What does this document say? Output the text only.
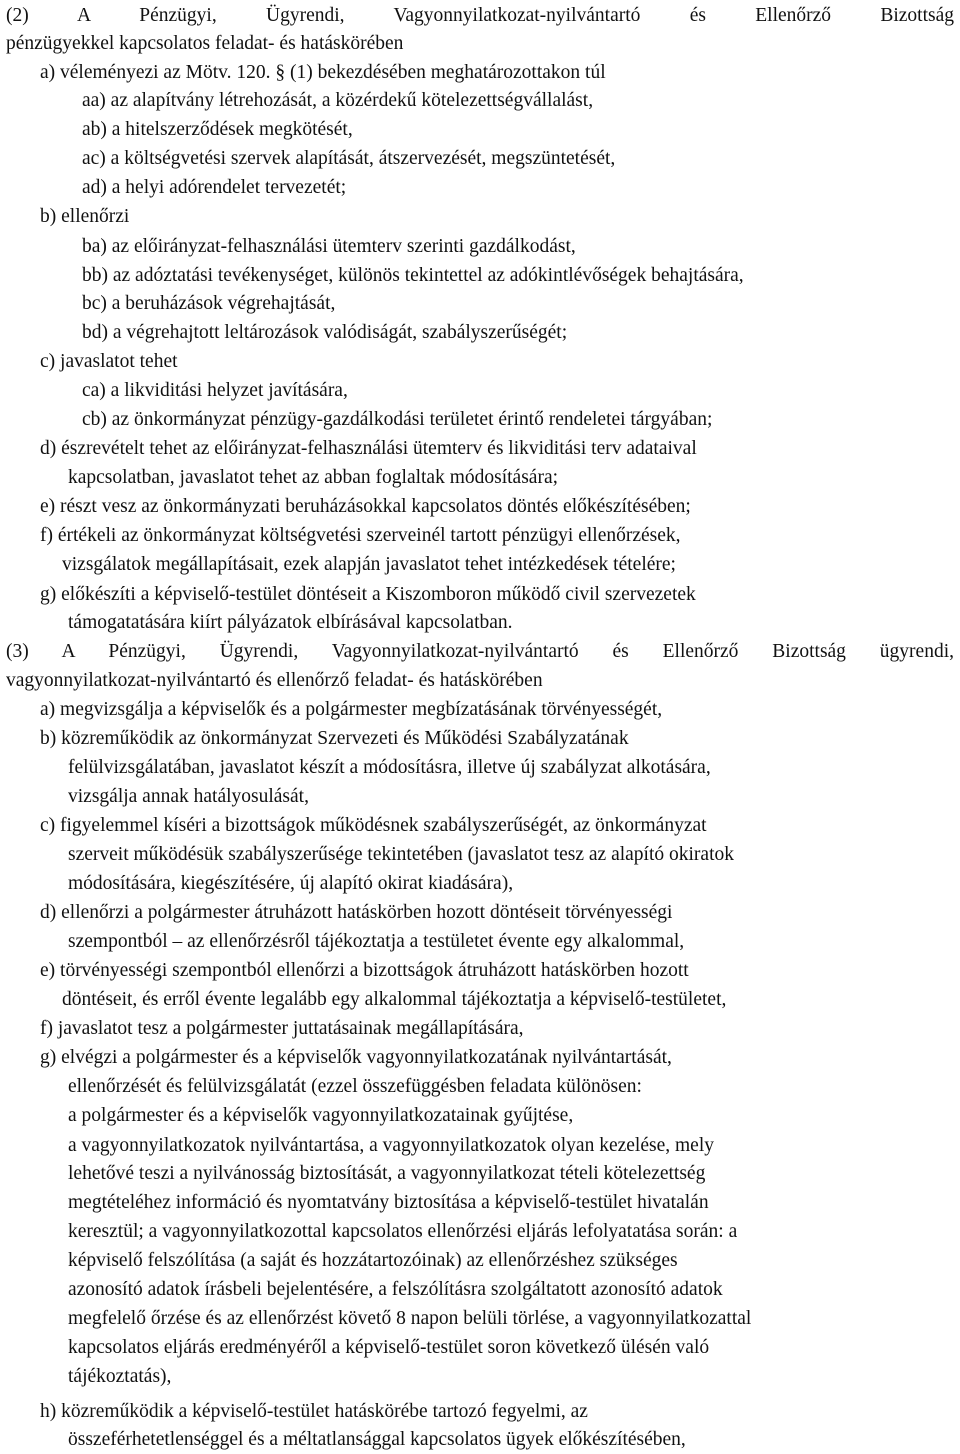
(2) A Pénzügyi, Ügyrendi, Vagyonnyilatkozat-nyilvántartó és Ellenőrző Bizottság
pénzügyekkel kapcsolatos feladat- és hatáskörében
a) véleményezi az Mötv. 120. § (1) bekezdésében meghatározottakon túl
aa) az alapítvány létrehozását, a közérdekű kötelezettségvállalást,
ab) a hitelszerződések megkötését,
ac) a költségvetési szervek alapítását, átszervezését, megszüntetését,
ad) a helyi adórendelet tervezetét;
b) ellenőrzi
ba) az előirányzat-felhasználási ütemterv szerinti gazdálkodást,
bb) az adóztatási tevékenységet, különös tekintettel az adókintlévőségek behajtására,
bc) a beruházások végrehajtását,
bd) a végrehajtott leltározások valódiságát, szabályszerűségét;
c) javaslatot tehet
ca) a likviditási helyzet javítására,
cb) az önkormányzat pénzügy-gazdálkodási területet érintő rendeletei tárgyában;
d) észrevételt tehet az előirányzat-felhasználási ütemterv és likviditási terv adataival
kapcsolatban, javaslatot tehet az abban foglaltak módosítására;
e) részt vesz az önkormányzati beruházásokkal kapcsolatos döntés előkészítésében;
f) értékeli az önkormányzat költségvetési szerveinél tartott pénzügyi ellenőrzések,
vizsgálatok megállapításait, ezek alapján javaslatot tehet intézkedések tételére;
g) előkészíti a képviselő-testület döntéseit a Kiszomboron működő civil szervezetek
támogatatására kiírt pályázatok elbírásával kapcsolatban.
(3) A Pénzügyi, Ügyrendi, Vagyonnyilatkozat-nyilvántartó és Ellenőrző Bizottság ügyrendi,
vagyonnyilatkozat-nyilvántartó és ellenőrző feladat- és hatáskörében
a) megvizsgálja a képviselők és a polgármester megbízatásának törvényességét,
b) közreműködik az önkormányzat Szervezeti és Működési Szabályzatának
felülvizsgálatában, javaslatot készít a módosításra, illetve új szabályzat alkotására,
vizsgálja annak hatályosulását,
c) figyelemmel kíséri a bizottságok működésnek szabályszerűségét, az önkormányzat
szerveit működésük szabályszerűsége tekintetében (javaslatot tesz az alapító okiratok
módosítására, kiegészítésére, új alapító okirat kiadására),
d) ellenőrzi a polgármester átruházott hatáskörben hozott döntéseit törvényességi
szempontból – az ellenőrzésről tájékoztatja a testületet évente egy alkalommal,
e) törvényességi szempontból ellenőrzi a bizottságok átruházott hatáskörben hozott
döntéseit, és erről évente legalább egy alkalommal tájékoztatja a képviselő-testületet,
f) javaslatot tesz a polgármester juttatásainak megállapítására,
g) elvégzi a polgármester és a képviselők vagyonnyilatkozatának nyilvántartását,
ellenőrzését és felülvizsgálatát (ezzel összefüggésben feladata különösen:
a polgármester és a képviselők vagyonnyilatkozatainak gyűjtése,
a vagyonnyilatkozatok nyilvántartása, a vagyonnyilatkozatok olyan kezelése, mely
lehetővé teszi a nyilvánosság biztosítását, a vagyonnyilatkozat tételi kötelezettség
megtételéhez információ és nyomtatvány biztosítása a képviselő-testület hivatalán
keresztül; a vagyonnyilatkozottal kapcsolatos ellenőrzési eljárás lefolyatatása során: a
képviselő felszólítása (a saját és hozzátartozóinak) az ellenőrzéshez szükséges
azonosító adatok írásbeli bejelentésére, a felszólításra szolgáltatott azonosító adatok
megfelelő őrzése és az ellenőrzést követő 8 napon belüli törlése, a vagyonnyilatkozattal
kapcsolatos eljárás eredményéről a képviselő-testület soron következő ülésén való
tájékoztatás),
h) közreműködik a képviselő-testület hatáskörébe tartozó fegyelmi, az
összeférhetetlenséggel és a méltatlansággal kapcsolatos ügyek előkészítésében,
